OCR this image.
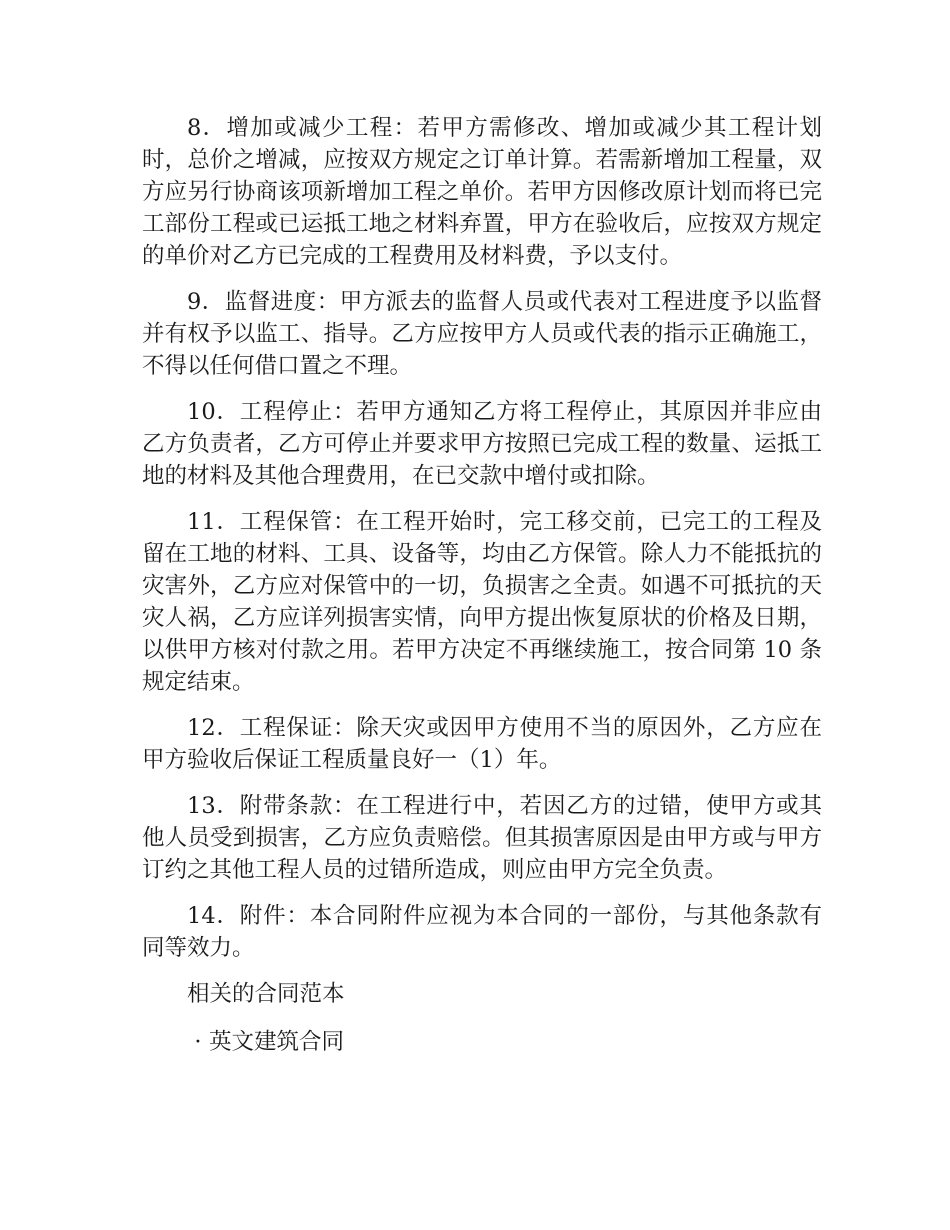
8．增加或减少工程：若甲方需修改、增加或减少其工程计划时，总价之增减，应按双方规定之订单计算。若需新增加工程量，双方应另行协商该项新增加工程之单价。若甲方因修改原计划而将已完工部份工程或已运抵工地之材料弃置，甲方在验收后，应按双方规定的单价对乙方已完成的工程费用及材料费，予以支付。

9．监督进度：甲方派去的监督人员或代表对工程进度予以监督并有权予以监工、指导。乙方应按甲方人员或代表的指示正确施工，不得以任何借口置之不理。

10．工程停止：若甲方通知乙方将工程停止，其原因并非应由乙方负责者，乙方可停止并要求甲方按照已完成工程的数量、运抵工地的材料及其他合理费用，在已交款中增付或扣除。

11．工程保管：在工程开始时，完工移交前，已完工的工程及留在工地的材料、工具、设备等，均由乙方保管。除人力不能抵抗的灾害外，乙方应对保管中的一切，负损害之全责。如遇不可抵抗的天灾人祸，乙方应详列损害实情，向甲方提出恢复原状的价格及日期，以供甲方核对付款之用。若甲方决定不再继续施工，按合同第 10 条规定结束。

12．工程保证：除天灾或因甲方使用不当的原因外，乙方应在甲方验收后保证工程质量良好一（1）年。

13．附带条款：在工程进行中，若因乙方的过错，使甲方或其他人员受到损害，乙方应负责赔偿。但其损害原因是由甲方或与甲方订约之其他工程人员的过错所造成，则应由甲方完全负责。

14．附件：本合同附件应视为本合同的一部份，与其他条款有同等效力。

相关的合同范本
· 英文建筑合同
